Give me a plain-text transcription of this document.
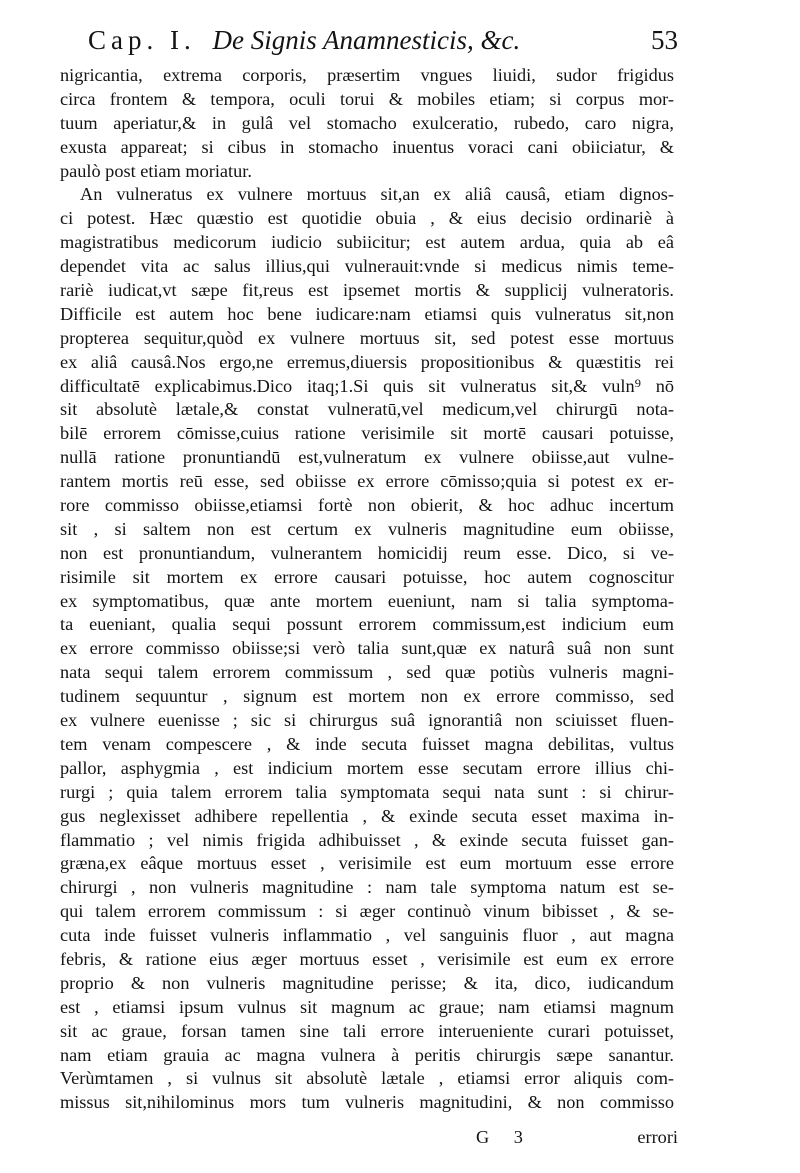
Cap. I. De Signis Anamnesticis, &c.	53
nigricantia, extrema corporis, præsertim vngues liuidi, sudor frigidus
circa frontem & tempora, oculi torui & mobiles etiam; si corpus mor-
tuum aperiatur,& in gulâ vel stomacho exulceratio, rubedo, caro nigra,
exusta appareat; si cibus in stomacho inuentus voraci cani obiiciatur, &
paulò post etiam moriatur.
An vulneratus ex vulnere mortuus sit,an ex aliâ causâ, etiam dignos-
ci potest. Hæc quæstio est quotidie obuia , & eius decisio ordinariè à
magistratibus medicorum iudicio subiicitur; est autem ardua, quia ab eâ
dependet vita ac salus illius,qui vulnerauit:vnde si medicus nimis teme-
rariè iudicat,vt sæpe fit,reus est ipsemet mortis & supplicij vulneratoris.
Difficile est autem hoc bene iudicare:nam etiamsi quis vulneratus sit,non
propterea sequitur,quòd ex vulnere mortuus sit, sed potest esse mortuus
ex aliâ causâ.Nos ergo,ne erremus,diuersis propositionibus & quæstitis rei
difficultatē explicabimus.Dico itaq;1.Si quis sit vulneratus sit,& vuln⁹ nō
sit absolutè lætale,& constat vulneratū,vel medicum,vel chirurgū nota-
bilē errorem cōmisse,cuius ratione verisimile sit mortē causari potuisse,
nullā ratione pronuntiandū est,vulneratum ex vulnere obiisse,aut vulne-
rantem mortis reū esse, sed obiisse ex errore cōmisso;quia si potest ex er-
rore commisso obiisse,etiamsi fortè non obierit, & hoc adhuc incertum
sit , si saltem non est certum ex vulneris magnitudine eum obiisse,
non est pronuntiandum, vulnerantem homicidij reum esse. Dico, si ve-
risimile sit mortem ex errore causari potuisse, hoc autem cognoscitur
ex symptomatibus, quæ ante mortem eueniunt, nam si talia symptoma-
ta eueniant, qualia sequi possunt errorem commissum,est indicium eum
ex errore commisso obiisse;si verò talia sunt,quæ ex naturâ suâ non sunt
nata sequi talem errorem commissum , sed quæ potiùs vulneris magni-
tudinem sequuntur , signum est mortem non ex errore commisso, sed
ex vulnere euenisse ; sic si chirurgus suâ ignorantiâ non sciuisset fluen-
tem venam compescere , & inde secuta fuisset magna debilitas, vultus
pallor, asphygmia , est indicium mortem esse secutam errore illius chi-
rurgi ; quia talem errorem talia symptomata sequi nata sunt : si chirur-
gus neglexisset adhibere repellentia , & exinde secuta esset maxima in-
flammatio ; vel nimis frigida adhibuisset , & exinde secuta fuisset gan-
græna,ex eâque mortuus esset , verisimile est eum mortuum esse errore
chirurgi , non vulneris magnitudine : nam tale symptoma natum est se-
qui talem errorem commissum : si æger continuò vinum bibisset , & se-
cuta inde fuisset vulneris inflammatio , vel sanguinis fluor , aut magna
febris, & ratione eius æger mortuus esset , verisimile est eum ex errore
proprio & non vulneris magnitudine perisse; & ita, dico, iudicandum
est , etiamsi ipsum vulnus sit magnum ac graue; nam etiamsi magnum
sit ac graue, forsan tamen sine tali errore interueniente curari potuisset,
nam etiam grauia ac magna vulnera à peritis chirurgis sæpe sanantur.
Verùmtamen , si vulnus sit absolutè lætale , etiamsi error aliquis com-
missus sit,nihilominus mors tum vulneris magnitudini, & non commisso
G 3	errori
